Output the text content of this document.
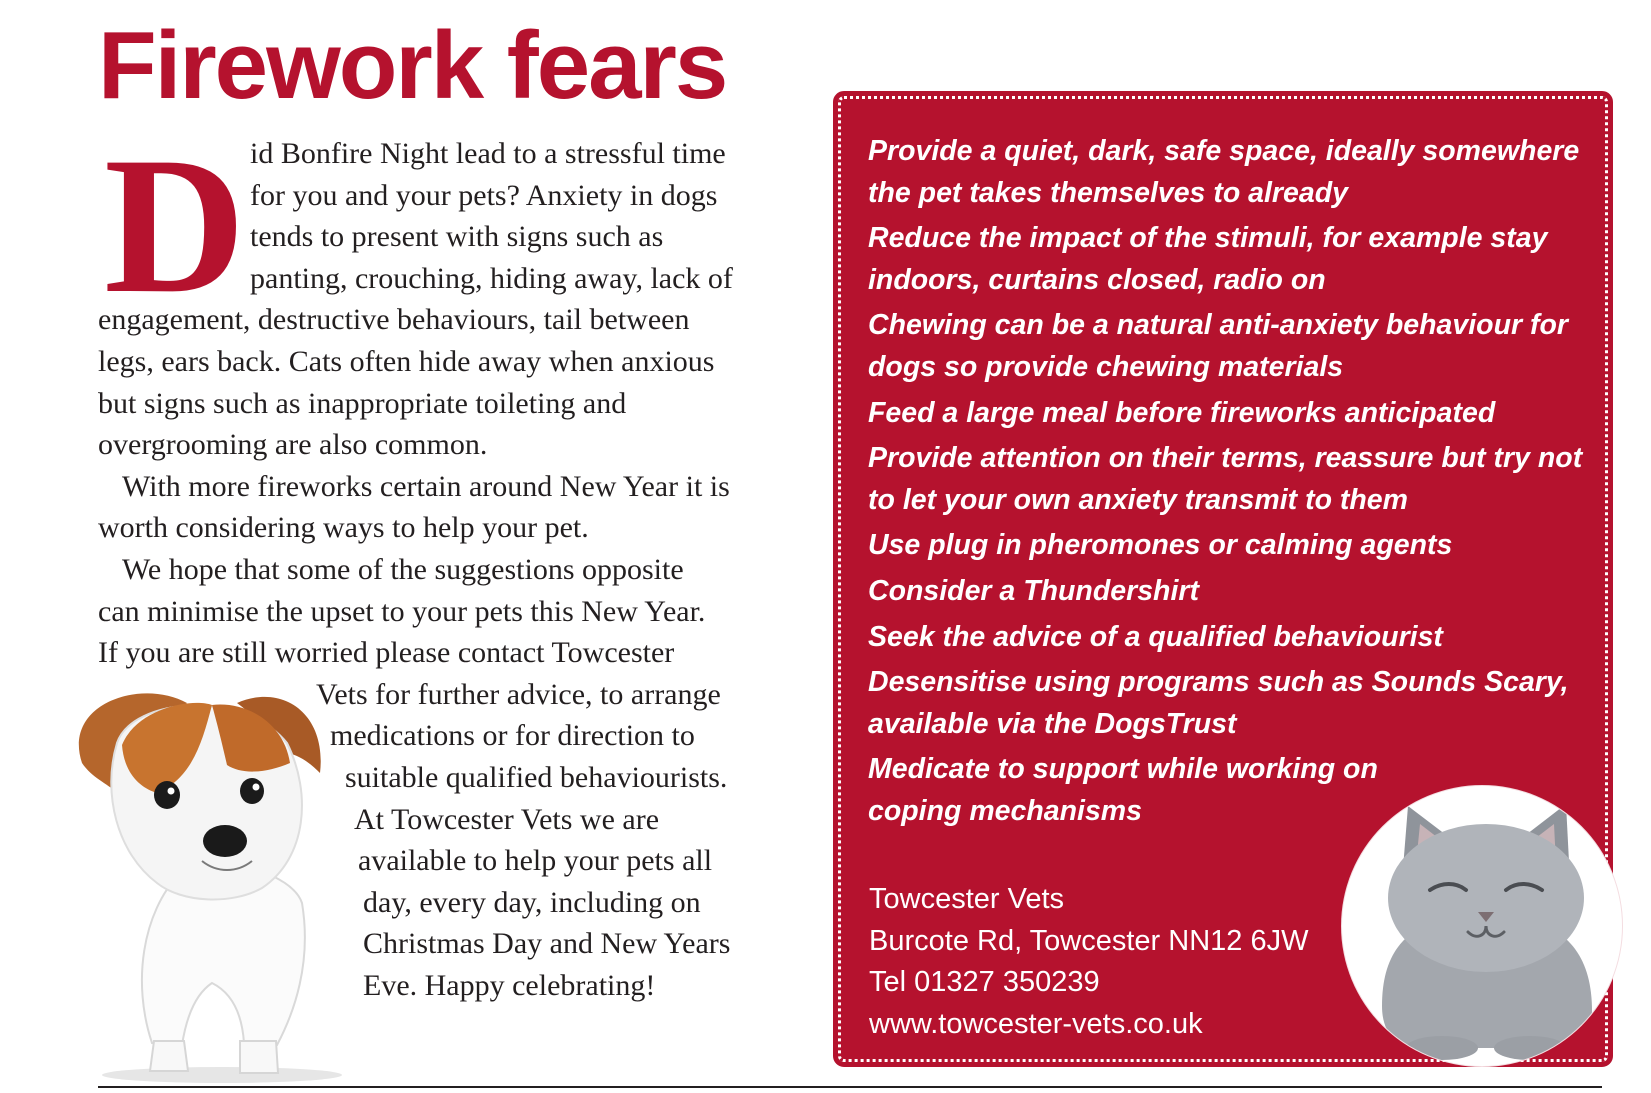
Firework fears
D id Bonfire Night lead to a stressful time
for you and your pets? Anxiety in dogs
tends to present with signs such as
panting, crouching, hiding away, lack of
engagement, destructive behaviours, tail between
legs, ears back. Cats often hide away when anxious
but signs such as inappropriate toileting and
overgrooming are also common.

With more fireworks certain around New Year it is
worth considering ways to help your pet.

We hope that some of the suggestions opposite
can minimise the upset to your pets this New Year.
If you are still worried please contact Towcester
Vets for further advice, to arrange
medications or for direction to
suitable qualified behaviourists.
At Towcester Vets we are
available to help your pets all
day, every day, including on
Christmas Day and New Years
Eve. Happy celebrating!

Provide a quiet, dark, safe space, ideally somewhere
the pet takes themselves to already
Reduce the impact of the stimuli, for example stay
indoors, curtains closed, radio on
Chewing can be a natural anti-anxiety behaviour for
dogs so provide chewing materials
Feed a large meal before fireworks anticipated
Provide attention on their terms, reassure but try not
to let your own anxiety transmit to them
Use plug in pheromones or calming agents
Consider a Thundershirt
Seek the advice of a qualified behaviourist
Desensitise using programs such as Sounds Scary,
available via the DogsTrust
Medicate to support while working on
coping mechanisms
Towcester Vets
Burcote Rd, Towcester NN12 6JW
Tel 01327 350239
www.towcester-vets.co.uk
